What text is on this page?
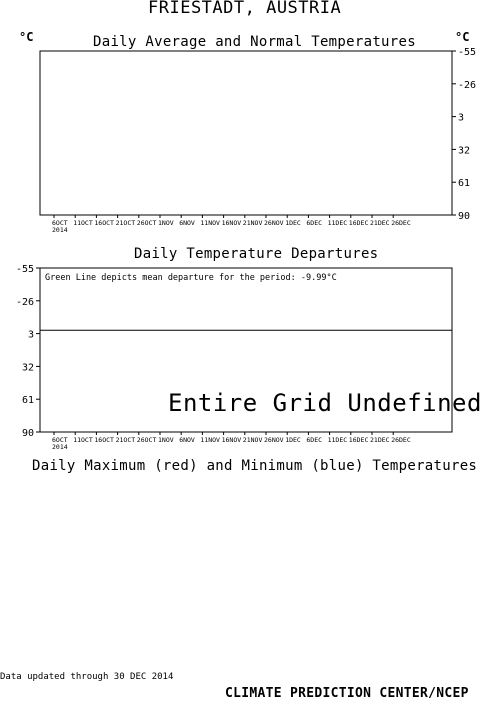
FRIESTADT, AUSTRIA
°C	°C
Daily Average and Normal Temperatures
Daily Temperature Departures
Green Line depicts mean departure for the period: -9.99°C
Entire Grid Undefined
Daily Maximum (red) and Minimum (blue) Temperatures
Data updated through 30 DEC 2014
CLIMATE PREDICTION CENTER/NCEP
-55
-26
3
32
61
90
6OCT 11OCT 16OCT 21OCT 26OCT 1NOV 6NOV 11NOV 16NOV 21NOV 26NOV 1DEC 6DEC 11DEC 16DEC 21DEC 26DEC
2014
-55
-26
3
32
61
90
6OCT 11OCT 16OCT 21OCT 26OCT 1NOV 6NOV 11NOV 16NOV 21NOV 26NOV 1DEC 6DEC 11DEC 16DEC 21DEC 26DEC
2014
